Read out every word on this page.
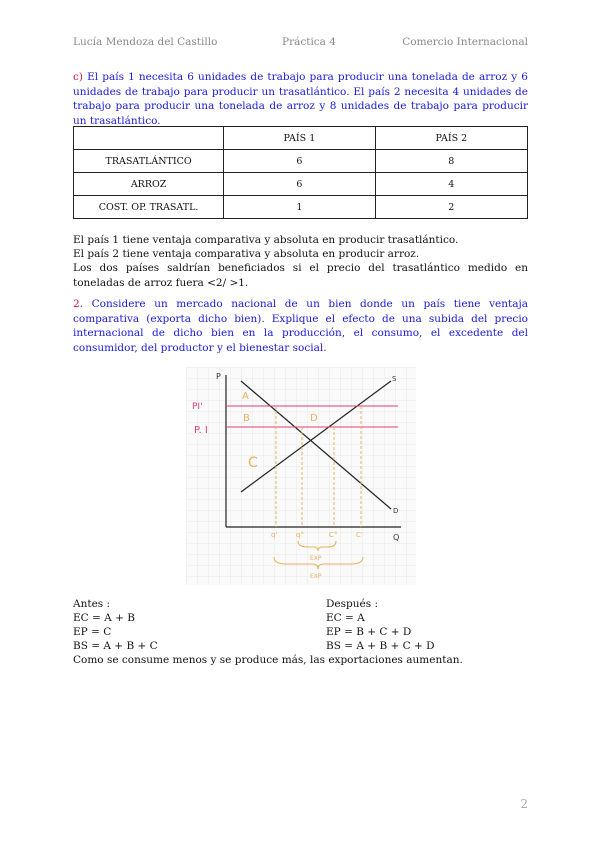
Lucía Mendoza del Castillo	Práctica 4	Comercio Internacional
c) El país 1 necesita 6 unidades de trabajo para producir una tonelada de arroz y 6 unidades de trabajo para producir un trasatlántico. El país 2 necesita 4 unidades de trabajo para producir una tonelada de arroz y 8 unidades de trabajo para producir un trasatlántico.
	PAÍS 1	PAÍS 2
TRASATLÁNTICO	6	8
ARROZ	6	4
COST. OP. TRASATL.	1	2
El país 1 tiene ventaja comparativa y absoluta en producir trasatlántico.
El país 2 tiene ventaja comparativa y absoluta en producir arroz.
Los dos países saldrían beneficiados si el precio del trasatlántico medido en toneladas de arroz fuera <2/ >1.
2. Considere un mercado nacional de un bien donde un país tiene ventaja comparativa (exporta dicho bien). Explique el efecto de una subida del precio internacional de dicho bien en la producción, el consumo, el excedente del consumidor, del productor y el bienestar social.
P
Q
S
D
PI'
P. I
A
B
C
D
q'	q°	C°	C'
EXP
EXP
Antes :
EC = A + B
EP = C
BS = A + B + C
Después :
EC = A
EP = B + C + D
BS = A + B + C + D
Como se consume menos y se produce más, las exportaciones aumentan.
2
